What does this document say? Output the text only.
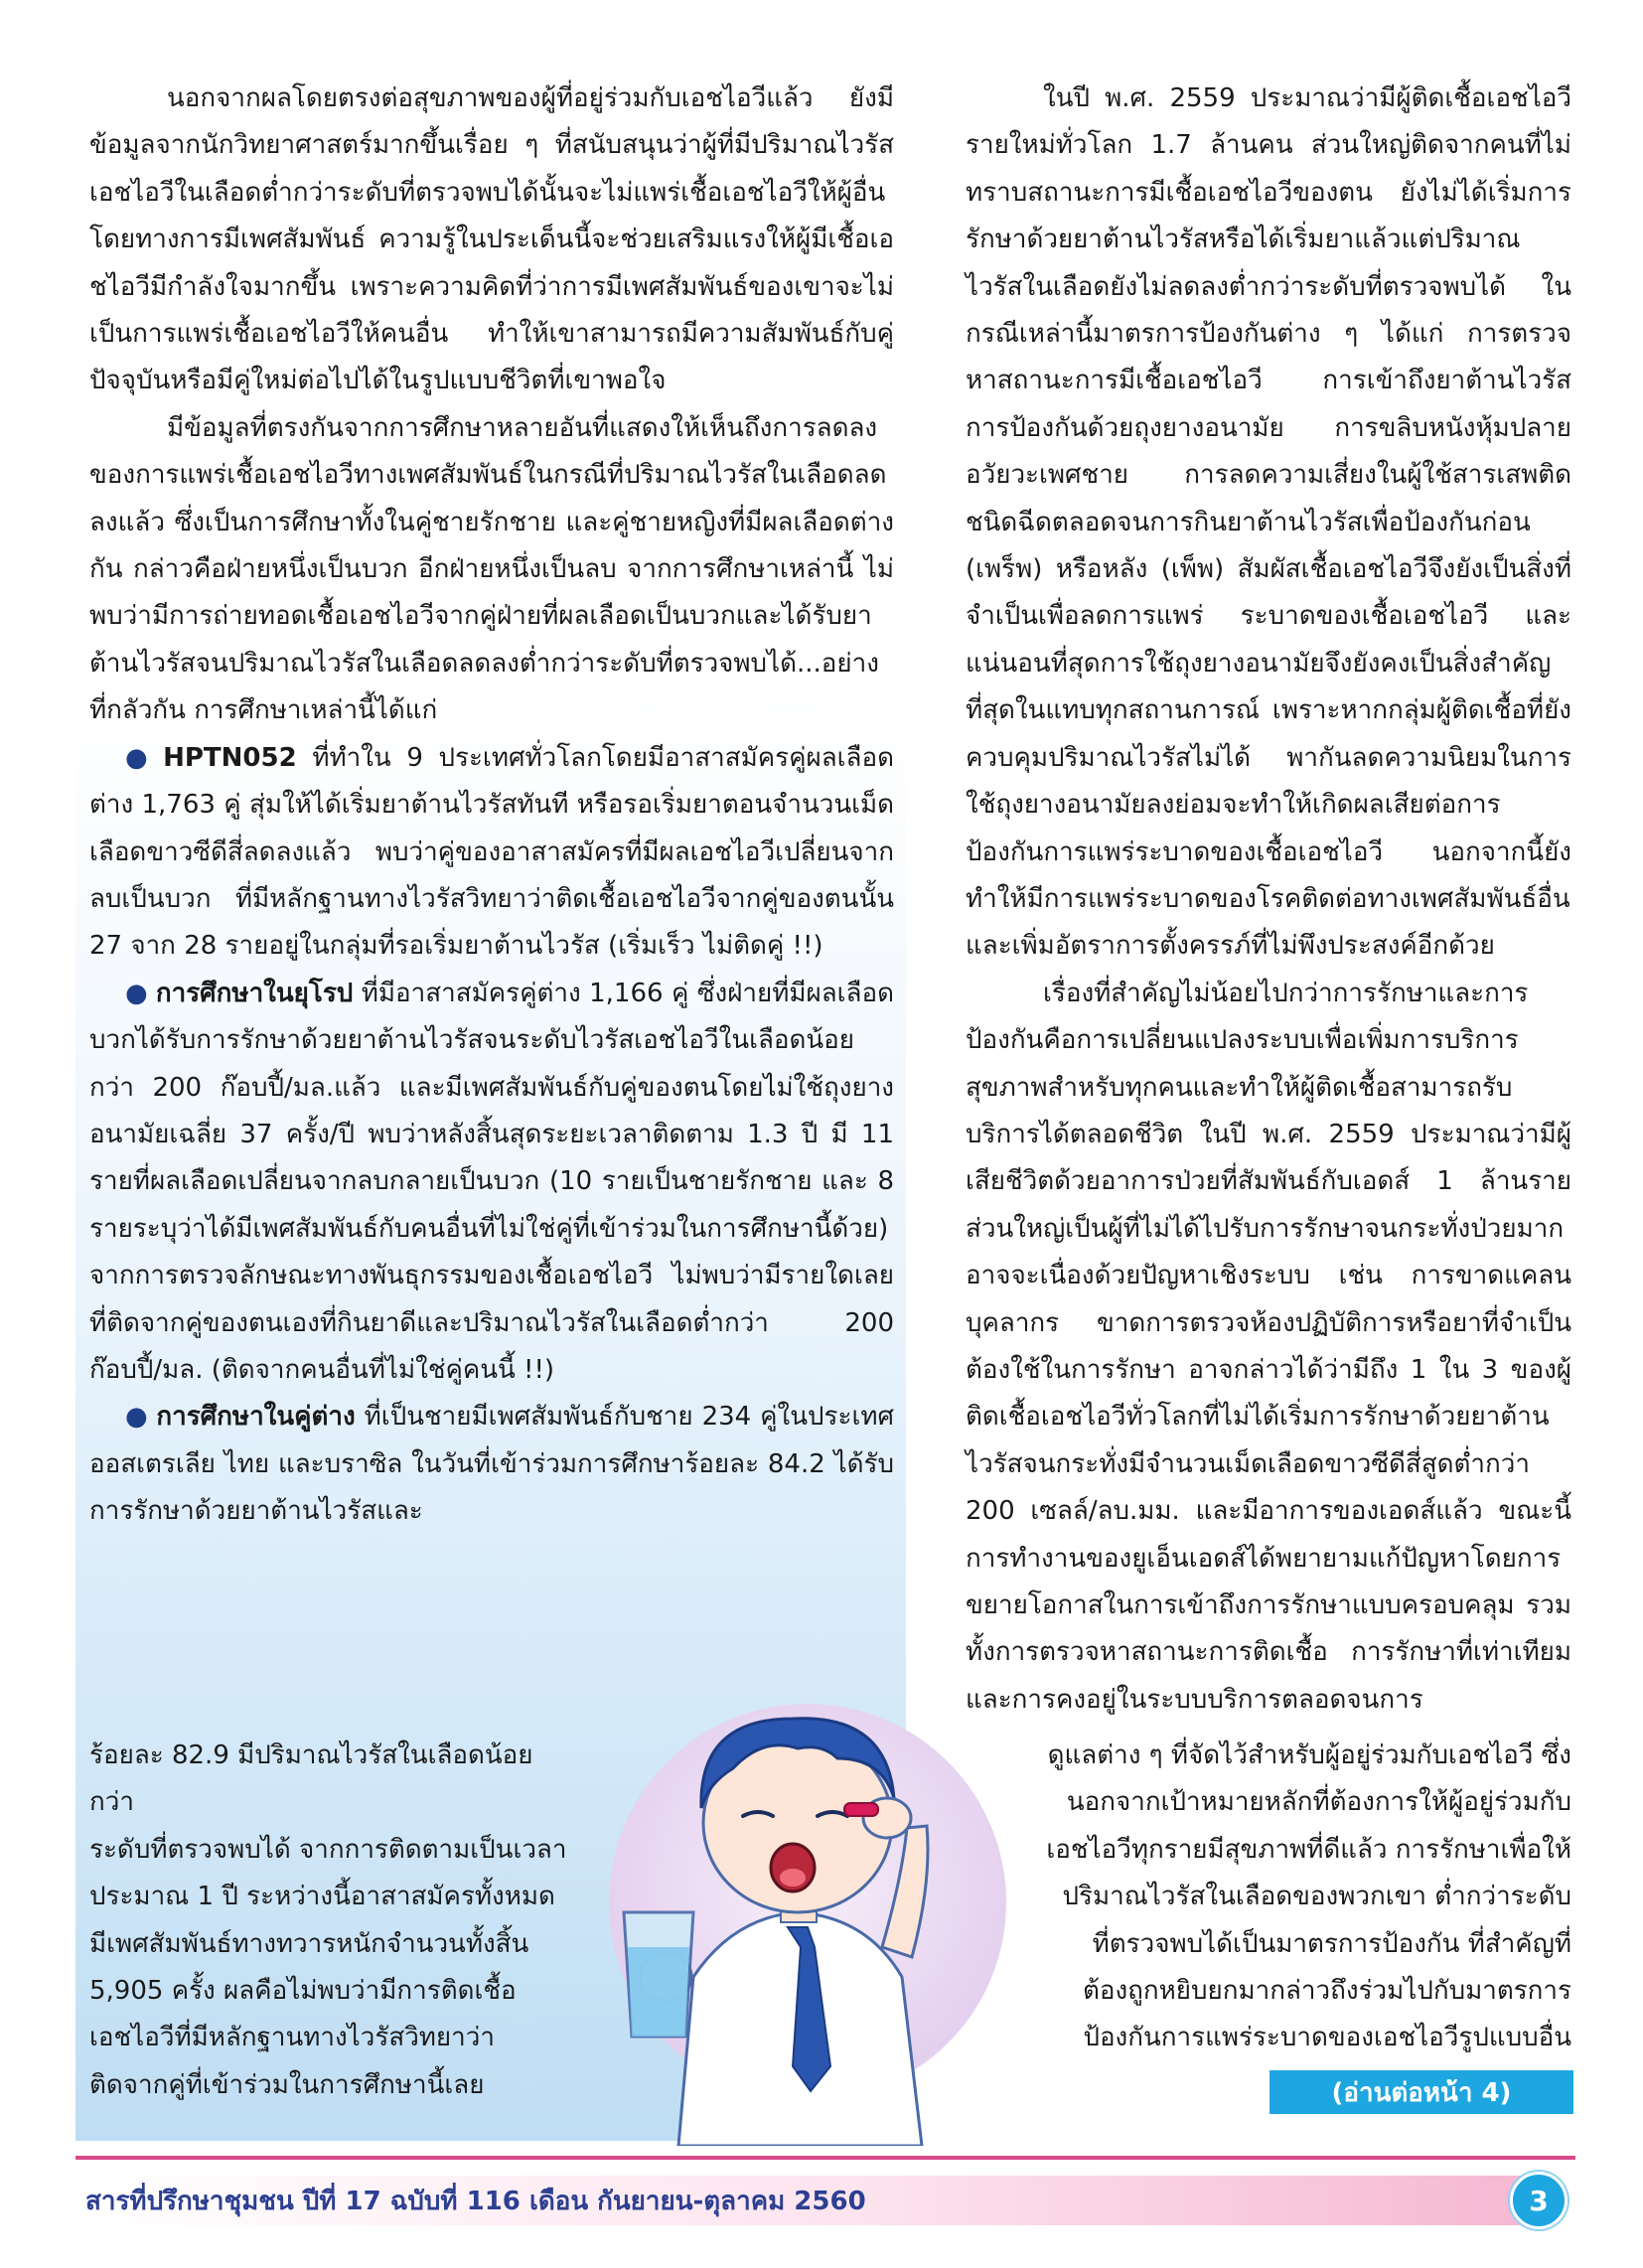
นอกจากผลโดยตรงต่อสุขภาพของผู้ที่อยู่ร่วมกับเอชไอวีแล้ว ยังมีข้อมูลจากนักวิทยาศาสตร์มากขึ้นเรื่อย ๆ ที่สนับสนุนว่าผู้ที่มีปริมาณไวรัสเอชไอวีในเลือดต่ำกว่าระดับที่ตรวจพบได้นั้นจะไม่แพร่เชื้อเอชไอวีให้ผู้อื่นโดยทางการมีเพศสัมพันธ์ ความรู้ในประเด็นนี้จะช่วยเสริมแรงให้ผู้มีเชื้อเอชไอวีมีกำลังใจมากขึ้น เพราะความคิดที่ว่าการมีเพศสัมพันธ์ของเขาจะไม่เป็นการแพร่เชื้อเอชไอวีให้คนอื่น ทำให้เขาสามารถมีความสัมพันธ์กับคู่ปัจจุบันหรือมีคู่ใหม่ต่อไปได้ในรูปแบบชีวิตที่เขาพอใจ

มีข้อมูลที่ตรงกันจากการศึกษาหลายอันที่แสดงให้เห็นถึงการลดลงของการแพร่เชื้อเอชไอวีทางเพศสัมพันธ์ในกรณีที่ปริมาณไวรัสในเลือดลดลงแล้ว ซึ่งเป็นการศึกษาทั้งในคู่ชายรักชาย และคู่ชายหญิงที่มีผลเลือดต่างกัน กล่าวคือฝ่ายหนึ่งเป็นบวก อีกฝ่ายหนึ่งเป็นลบ จากการศึกษาเหล่านี้ ไม่พบว่ามีการถ่ายทอดเชื้อเอชไอวีจากคู่ฝ่ายที่ผลเลือดเป็นบวกและได้รับยาต้านไวรัสจนปริมาณไวรัสในเลือดลดลงต่ำกว่าระดับที่ตรวจพบได้...อย่างที่กลัวกัน การศึกษาเหล่านี้ได้แก่

● HPTN052 ที่ทำใน 9 ประเทศทั่วโลกโดยมีอาสาสมัครคู่ผลเลือดต่าง 1,763 คู่ สุ่มให้ได้เริ่มยาต้านไวรัสทันที หรือรอเริ่มยาตอนจำนวนเม็ดเลือดขาวซีดีสี่ลดลงแล้ว พบว่าคู่ของอาสาสมัครที่มีผลเอชไอวีเปลี่ยนจากลบเป็นบวก ที่มีหลักฐานทางไวรัสวิทยาว่าติดเชื้อเอชไอวีจากคู่ของตนนั้น 27 จาก 28 รายอยู่ในกลุ่มที่รอเริ่มยาต้านไวรัส (เริ่มเร็ว ไม่ติดคู่ !!)

● การศึกษาในยุโรป ที่มีอาสาสมัครคู่ต่าง 1,166 คู่ ซึ่งฝ่ายที่มีผลเลือดบวกได้รับการรักษาด้วยยาต้านไวรัสจนระดับไวรัสเอชไอวีในเลือดน้อยกว่า 200 ก๊อบปี้/มล.แล้ว และมีเพศสัมพันธ์กับคู่ของตนโดยไม่ใช้ถุงยางอนามัยเฉลี่ย 37 ครั้ง/ปี พบว่าหลังสิ้นสุดระยะเวลาติดตาม 1.3 ปี มี 11 รายที่ผลเลือดเปลี่ยนจากลบกลายเป็นบวก (10 รายเป็นชายรักชาย และ 8 รายระบุว่าได้มีเพศสัมพันธ์กับคนอื่นที่ไม่ใช่คู่ที่เข้าร่วมในการศึกษานี้ด้วย) จากการตรวจลักษณะทางพันธุกรรมของเชื้อเอชไอวี ไม่พบว่ามีรายใดเลยที่ติดจากคู่ของตนเองที่กินยาดีและปริมาณไวรัสในเลือดต่ำกว่า 200 ก๊อบปี้/มล. (ติดจากคนอื่นที่ไม่ใช่คู่คนนี้ !!)

● การศึกษาในคู่ต่าง ที่เป็นชายมีเพศสัมพันธ์กับชาย 234 คู่ในประเทศออสเตรเลีย ไทย และบราซิล ในวันที่เข้าร่วมการศึกษาร้อยละ 84.2 ได้รับการรักษาด้วยยาต้านไวรัสและ

ร้อยละ 82.9 มีปริมาณไวรัสในเลือดน้อยกว่า

ระดับที่ตรวจพบได้ จากการติดตามเป็นเวลา

ประมาณ 1 ปี ระหว่างนี้อาสาสมัครทั้งหมด

มีเพศสัมพันธ์ทางทวารหนักจำนวนทั้งสิ้น

5,905 ครั้ง ผลคือไม่พบว่ามีการติดเชื้อ

เอชไอวีที่มีหลักฐานทางไวรัสวิทยาว่า

ติดจากคู่ที่เข้าร่วมในการศึกษานี้เลย

ในปี พ.ศ. 2559 ประมาณว่ามีผู้ติดเชื้อเอชไอวีรายใหม่ทั่วโลก 1.7 ล้านคน ส่วนใหญ่ติดจากคนที่ไม่ทราบสถานะการมีเชื้อเอชไอวีของตน ยังไม่ได้เริ่มการรักษาด้วยยาต้านไวรัสหรือได้เริ่มยาแล้วแต่ปริมาณไวรัสในเลือดยังไม่ลดลงต่ำกว่าระดับที่ตรวจพบได้ ในกรณีเหล่านี้มาตรการป้องกันต่าง ๆ ได้แก่ การตรวจหาสถานะการมีเชื้อเอชไอวี การเข้าถึงยาต้านไวรัส การป้องกันด้วยถุงยางอนามัย การขลิบหนังหุ้มปลายอวัยวะเพศชาย การลดความเสี่ยงในผู้ใช้สารเสพติดชนิดฉีดตลอดจนการกินยาต้านไวรัสเพื่อป้องกันก่อน (เพร็พ) หรือหลัง (เพ็พ) สัมผัสเชื้อเอชไอวีจึงยังเป็นสิ่งที่จำเป็นเพื่อลดการแพร่ ระบาดของเชื้อเอชไอวี และแน่นอนที่สุดการใช้ถุงยางอนามัยจึงยังคงเป็นสิ่งสำคัญที่สุดในแทบทุกสถานการณ์ เพราะหากกลุ่มผู้ติดเชื้อที่ยังควบคุมปริมาณไวรัสไม่ได้ พากันลดความนิยมในการใช้ถุงยางอนามัยลงย่อมจะทำให้เกิดผลเสียต่อการป้องกันการแพร่ระบาดของเชื้อเอชไอวี นอกจากนี้ยังทำให้มีการแพร่ระบาดของโรคติดต่อทางเพศสัมพันธ์อื่นและเพิ่มอัตราการตั้งครรภ์ที่ไม่พึงประสงค์อีกด้วย

เรื่องที่สำคัญไม่น้อยไปกว่าการรักษาและการป้องกันคือการเปลี่ยนแปลงระบบเพื่อเพิ่มการบริการสุขภาพสำหรับทุกคนและทำให้ผู้ติดเชื้อสามารถรับบริการได้ตลอดชีวิต ในปี พ.ศ. 2559 ประมาณว่ามีผู้เสียชีวิตด้วยอาการป่วยที่สัมพันธ์กับเอดส์ 1 ล้านรายส่วนใหญ่เป็นผู้ที่ไม่ได้ไปรับการรักษาจนกระทั่งป่วยมาก อาจจะเนื่องด้วยปัญหาเชิงระบบ เช่น การขาดแคลนบุคลากร ขาดการตรวจห้องปฏิบัติการหรือยาที่จำเป็นต้องใช้ในการรักษา อาจกล่าวได้ว่ามีถึง 1 ใน 3 ของผู้ติดเชื้อเอชไอวีทั่วโลกที่ไม่ได้เริ่มการรักษาด้วยยาต้านไวรัสจนกระทั่งมีจำนวนเม็ดเลือดขาวซีดีสี่สูดต่ำกว่า 200 เซลล์/ลบ.มม. และมีอาการของเอดส์แล้ว ขณะนี้การทำงานของยูเอ็นเอดส์ได้พยายามแก้ปัญหาโดยการขยายโอกาสในการเข้าถึงการรักษาแบบครอบคลุม รวมทั้งการตรวจหาสถานะการติดเชื้อ การรักษาที่เท่าเทียมและการคงอยู่ในระบบบริการตลอดจนการ

ดูแลต่าง ๆ ที่จัดไว้สำหรับผู้อยู่ร่วมกับเอชไอวี ซึ่ง

นอกจากเป้าหมายหลักที่ต้องการให้ผู้อยู่ร่วมกับ

เอชไอวีทุกรายมีสุขภาพที่ดีแล้ว การรักษาเพื่อให้

ปริมาณไวรัสในเลือดของพวกเขา ต่ำกว่าระดับ

ที่ตรวจพบได้เป็นมาตรการป้องกัน ที่สำคัญที่

ต้องถูกหยิบยกมากล่าวถึงร่วมไปกับมาตรการ

ป้องกันการแพร่ระบาดของเอชไอวีรูปแบบอื่น

(อ่านต่อหน้า 4)
สารที่ปรึกษาชุมชน ปีที่ 17 ฉบับที่ 116 เดือน กันยายน-ตุลาคม 2560	3
